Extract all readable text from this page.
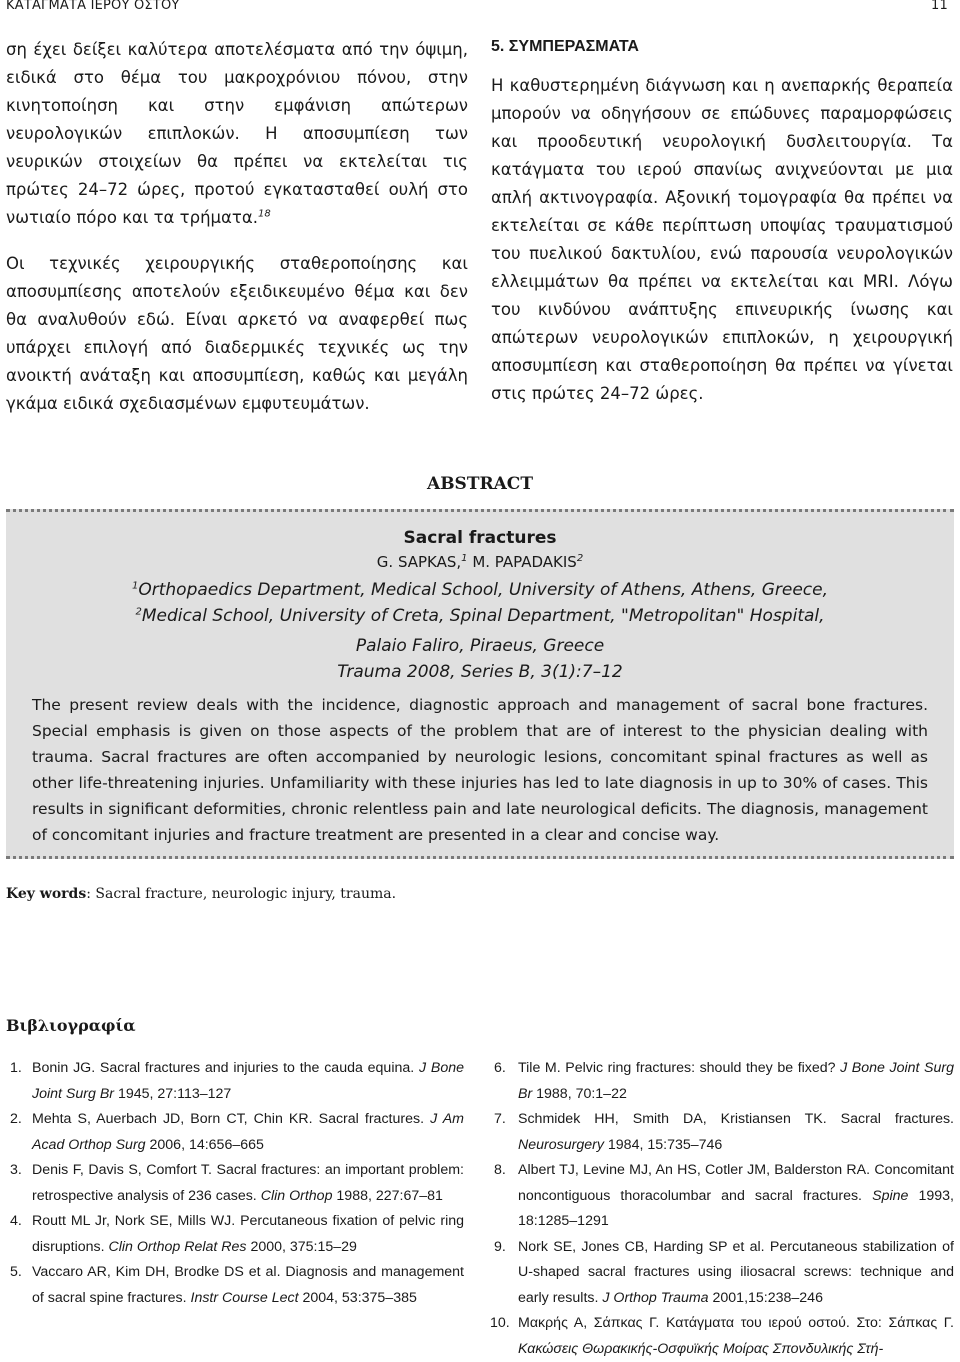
ΚΑΤΑΓΜΑΤΑ ΙΕΡΟΥ ΟΣΤΟΥ	11

ση έχει δείξει καλύτερα αποτελέσματα από την όψιμη, ειδικά στο θέμα του μακροχρόνιου πόνου, στην κινητοποίηση και στην εμφάνιση απώτερων νευρολογικών επιπλοκών. Η αποσυμπίεση των νευρικών στοιχείων θα πρέπει να εκτελείται τις πρώτες 24–72 ώρες, προτού εγκατασταθεί ουλή στο νωτιαίο πόρο και τα τρήματα.$^{18}$

Οι τεχνικές χειρουργικής σταθεροποίησης και αποσυμπίεσης αποτελούν εξειδικευμένο θέμα και δεν θα αναλυθούν εδώ. Είναι αρκετό να αναφερθεί πως υπάρχει επιλογή από διαδερμικές τεχνικές ως την ανοικτή ανάταξη και αποσυμπίεση, καθώς και μεγάλη γκάμα ειδικά σχεδιασμένων εμφυτευμάτων.

5. ΣΥΜΠΕΡΑΣΜΑΤΑ

Η καθυστερημένη διάγνωση και η ανεπαρκής θεραπεία μπορούν να οδηγήσουν σε επώδυνες παραμορφώσεις και προοδευτική νευρολογική δυσλειτουργία. Τα κατάγματα του ιερού σπανίως ανιχνεύονται με μια απλή ακτινογραφία. Αξονική τομογραφία θα πρέπει να εκτελείται σε κάθε περίπτωση υποψίας τραυματισμού του πυελικού δακτυλίου, ενώ παρουσία νευρολογικών ελλειμμάτων θα πρέπει να εκτελείται και MRI. Λόγω του κινδύνου ανάπτυξης επινευρικής ίνωσης και απώτερων νευρολογικών επιπλοκών, η χειρουργική αποσυμπίεση και σταθεροποίηση θα πρέπει να γίνεται στις πρώτες 24–72 ώρες.

ABSTRACT
Sacral fractures
G. SAPKAS,$^1$ M. PAPADAKIS$^2$
$^1$Orthopaedics Department, Medical School, University of Athens, Athens, Greece,
$^2$Medical School, University of Creta, Spinal Department, "Metropolitan" Hospital,
Palaio Faliro, Piraeus, Greece
Trauma 2008, Series B, 3(1):7–12
The present review deals with the incidence, diagnostic approach and management of sacral bone fractures. Special emphasis is given on those aspects of the problem that are of interest to the physician dealing with trauma. Sacral fractures are often accompanied by neurologic lesions, concomitant spinal fractures as well as other life-threatening injuries. Unfamiliarity with these injuries has led to late diagnosis in up to 30% of cases. This results in significant deformities, chronic relentless pain and late neurological deficits. The diagnosis, management of concomitant injuries and fracture treatment are presented in a clear and concise way.
Key words: Sacral fracture, neurologic injury, trauma.
Βιβλιογραφία
1. Bonin JG. Sacral fractures and injuries to the cauda equina. J Bone Joint Surg Br 1945, 27:113–127
2. Mehta S, Auerbach JD, Born CT, Chin KR. Sacral fractures. J Am Acad Orthop Surg 2006, 14:656–665
3. Denis F, Davis S, Comfort T. Sacral fractures: an important problem: retrospective analysis of 236 cases. Clin Orthop 1988, 227:67–81
4. Routt ML Jr, Nork SE, Mills WJ. Percutaneous fixation of pelvic ring disruptions. Clin Orthop Relat Res 2000, 375:15–29
5. Vaccaro AR, Kim DH, Brodke DS et al. Diagnosis and management of sacral spine fractures. Instr Course Lect 2004, 53:375–385
6. Tile M. Pelvic ring fractures: should they be fixed? J Bone Joint Surg Br 1988, 70:1–22
7. Schmidek HH, Smith DA, Kristiansen TK. Sacral fractures. Neurosurgery 1984, 15:735–746
8. Albert TJ, Levine MJ, An HS, Cotler JM, Balderston RA. Concomitant noncontiguous thoracolumbar and sacral fractures. Spine 1993, 18:1285–1291
9. Nork SE, Jones CB, Harding SP et al. Percutaneous stabilization of U-shaped sacral fractures using iliosacral screws: technique and early results. J Orthop Trauma 2001,15:238–246
10. Μακρής Α, Σάπκας Γ. Κατάγματα του ιερού οστού. Στο: Σάπκας Γ. Κακώσεις Θωρακικής-Οσφυϊκής Μοίρας Σπονδυλικής Στή-
